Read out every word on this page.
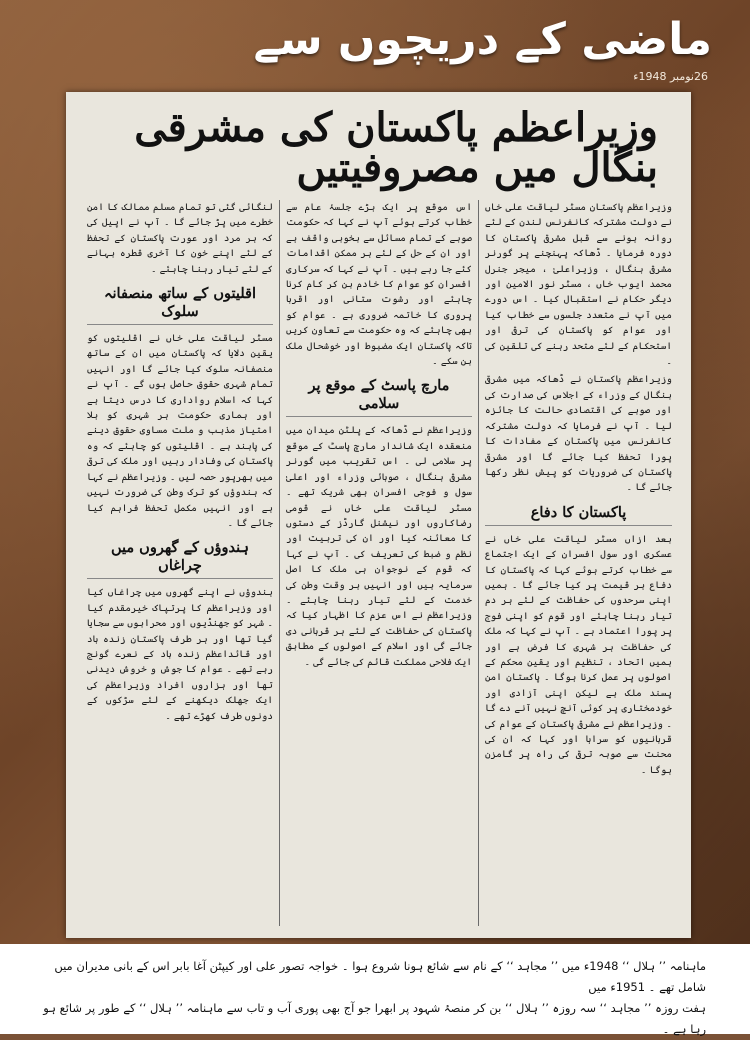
ماضی کے دریچوں سے
26نومبر 1948ء
وزیراعظم پاکستان کی مشرقی بنگال میں مصروفیتیں

وزیراعظم پاکستان مسٹر لیاقت علی خاں نے دولت مشترکہ کانفرنس لندن کے لئے روانہ ہونے سے قبل مشرقی پاکستان کا دورہ فرمایا ۔ ڈھاکہ پہنچنے پر گورنر مشرقی بنگال ، وزیراعلیٰ ، میجر جنرل محمد ایوب خاں ، مسٹر نور الامین اور دیگر حکام نے استقبال کیا ۔ اس دورے میں آپ نے متعدد جلسوں سے خطاب کیا اور عوام کو پاکستان کی ترقی اور استحکام کے لئے متحد رہنے کی تلقین کی ۔

وزیراعظم پاکستان نے ڈھاکہ میں مشرقی بنگال کے وزراء کے اجلاس کی صدارت کی اور صوبے کی اقتصادی حالت کا جائزہ لیا ۔ آپ نے فرمایا کہ دولت مشترکہ کانفرنس میں پاکستان کے مفادات کا پورا تحفظ کیا جائے گا اور مشرقی پاکستان کی ضروریات کو پیش نظر رکھا جائے گا ۔

پاکستان کا دفاع

بعد ازاں مسٹر لیاقت علی خاں نے عسکری اور سول افسران کے ایک اجتماع سے خطاب کرتے ہوئے کہا کہ پاکستان کا دفاع ہر قیمت پر کیا جائے گا ۔ ہمیں اپنی سرحدوں کی حفاظت کے لئے ہر دم تیار رہنا چاہئے اور قوم کو اپنی فوج پر پورا اعتماد ہے ۔ آپ نے کہا کہ ملک کی حفاظت ہر شہری کا فرض ہے اور ہمیں اتحاد ، تنظیم اور یقین محکم کے اصولوں پر عمل کرنا ہوگا ۔ پاکستان امن پسند ملک ہے لیکن اپنی آزادی اور خودمختاری پر کوئی آنچ نہیں آنے دے گا ۔ وزیراعظم نے مشرقی پاکستان کے عوام کی قربانیوں کو سراہا اور کہا کہ ان کی محنت سے صوبہ ترقی کی راہ پر گامزن ہوگا ۔

اس موقع پر ایک بڑے جلسۂ عام سے خطاب کرتے ہوئے آپ نے کہا کہ حکومت صوبے کے تمام مسائل سے بخوبی واقف ہے اور ان کے حل کے لئے ہر ممکن اقدامات کئے جا رہے ہیں ۔ آپ نے کہا کہ سرکاری افسران کو عوام کا خادم بن کر کام کرنا چاہئے اور رشوت ستانی اور اقربا پروری کا خاتمہ ضروری ہے ۔ عوام کو بھی چاہئے کہ وہ حکومت سے تعاون کریں تاکہ پاکستان ایک مضبوط اور خوشحال ملک بن سکے ۔

مارچ پاسٹ کے موقع پر سلامی

وزیراعظم نے ڈھاکہ کے پلٹن میدان میں منعقدہ ایک شاندار مارچ پاسٹ کے موقع پر سلامی لی ۔ اس تقریب میں گورنر مشرقی بنگال ، صوبائی وزراء اور اعلیٰ سول و فوجی افسران بھی شریک تھے ۔ مسٹر لیاقت علی خاں نے قومی رضاکاروں اور نیشنل گارڈز کے دستوں کا معائنہ کیا اور ان کی تربیت اور نظم و ضبط کی تعریف کی ۔ آپ نے کہا کہ قوم کے نوجوان ہی ملک کا اصل سرمایہ ہیں اور انہیں ہر وقت وطن کی خدمت کے لئے تیار رہنا چاہئے ۔ وزیراعظم نے اس عزم کا اظہار کیا کہ پاکستان کی حفاظت کے لئے ہر قربانی دی جائے گی اور اسلام کے اصولوں کے مطابق ایک فلاحی مملکت قائم کی جائے گی ۔

لنگائی گئی تو تمام مسلم ممالک کا امن خطرے میں پڑ جائے گا ۔ آپ نے اپیل کی کہ ہر مرد اور عورت پاکستان کے تحفظ کے لئے اپنے خون کا آخری قطرہ بہانے کے لئے تیار رہنا چاہئے ۔

اقلیتوں کے ساتھ منصفانہ سلوک

مسٹر لیاقت علی خاں نے اقلیتوں کو یقین دلایا کہ پاکستان میں ان کے ساتھ منصفانہ سلوک کیا جائے گا اور انہیں تمام شہری حقوق حاصل ہوں گے ۔ آپ نے کہا کہ اسلام رواداری کا درس دیتا ہے اور ہماری حکومت ہر شہری کو بلا امتیاز مذہب و ملت مساوی حقوق دینے کی پابند ہے ۔ اقلیتوں کو چاہئے کہ وہ پاکستان کی وفادار رہیں اور ملک کی ترقی میں بھرپور حصہ لیں ۔ وزیراعظم نے کہا کہ ہندوؤں کو ترک وطن کی ضرورت نہیں ہے اور انہیں مکمل تحفظ فراہم کیا جائے گا ۔

ہندوؤں کے گھروں میں چراغاں

ہندوؤں نے اپنے گھروں میں چراغاں کیا اور وزیراعظم کا پرتپاک خیرمقدم کیا ۔ شہر کو جھنڈیوں اور محرابوں سے سجایا گیا تھا اور ہر طرف پاکستان زندہ باد اور قائداعظم زندہ باد کے نعرے گونج رہے تھے ۔ عوام کا جوش و خروش دیدنی تھا اور ہزاروں افراد وزیراعظم کی ایک جھلک دیکھنے کے لئے سڑکوں کے دونوں طرف کھڑے تھے ۔

ماہنامہ ’’ ہلال ‘‘ 1948ء میں ’’ مجاہد ‘‘ کے نام سے شائع ہونا شروع ہوا ۔ خواجہ تصور علی اور کیپٹن آغا بابر اس کے بانی مدیران میں شامل تھے ۔ 1951ء میں
ہفت روزہ ’’ مجاہد ‘‘ سہ روزہ ’’ ہلال ‘‘ بن کر منصۂ شہود پر ابھرا جو آج بھی پوری آب و تاب سے ماہنامہ ’’ ہلال ‘‘ کے طور پر شائع ہو رہا ہے ۔
